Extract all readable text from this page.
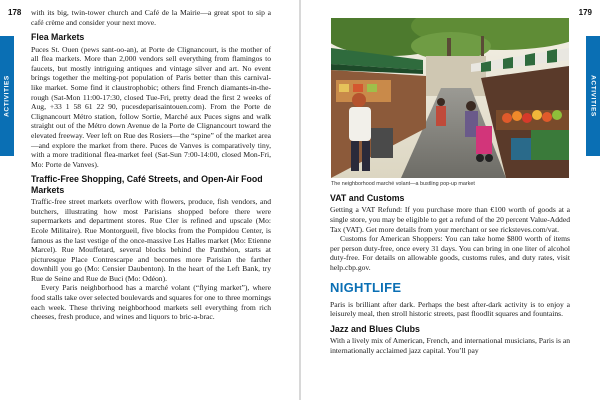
178
ACTIVITIES

with its big, twin-tower church and Café de la Mairie—a great spot to sip a café crème and consider your next move.

Flea Markets

Puces St. Ouen (pews sant-oo-an), at Porte de Clignancourt, is the mother of all flea markets. More than 2,000 vendors sell everything from flamingos to faucets, but mostly intriguing antiques and vintage silver and art. No event brings together the melting-pot population of Paris better than this carnival-like market. Some find it claustrophobic; others find French diamants-in-the-rough (Sat-Mon 11:00-17:30, closed Tue-Fri, pretty dead the first 2 weeks of Aug, +33 1 58 61 22 90, pucesdeparisaintouen.com). From the Porte de Clignancourt Métro station, follow Sortie, Marché aux Puces signs and walk straight out of the Métro down Avenue de la Porte de Clignancourt toward the elevated freeway. Veer left on Rue des Rosiers—the “spine” of the market area—and explore the market from there. Puces de Vanves is comparatively tiny, with a more traditional flea-market feel (Sat-Sun 7:00-14:00, closed Mon-Fri, Mo: Porte de Vanves).

Traffic-Free Shopping, Café Streets, and Open-Air Food Markets

Traffic-free street markets overflow with flowers, produce, fish vendors, and butchers, illustrating how most Parisians shopped before there were supermarkets and department stores. Rue Cler is refined and upscale (Mo: Ecole Militaire). Rue Montorgueil, five blocks from the Pompidou Center, is famous as the last vestige of the once-massive Les Halles market (Mo: Etienne Marcel). Rue Mouffetard, several blocks behind the Panthéon, starts at picturesque Place Contrescarpe and becomes more Parisian the farther downhill you go (Mo: Censier Daubenton). In the heart of the Left Bank, try Rue de Seine and Rue de Buci (Mo: Odéon).

Every Paris neighborhood has a marché volant (“flying market”), where food stalls take over selected boulevards and squares for one to three mornings each week. These thriving neighborhood markets sell everything from rich cheeses, fresh produce, and wines and liquors to bric-a-brac.

179
ACTIVITIES
The neighborhood marché volant—a bustling pop-up market
VAT and Customs

Getting a VAT Refund: If you purchase more than €100 worth of goods at a single store, you may be eligible to get a refund of the 20 percent Value-Added Tax (VAT). Get more details from your merchant or see ricksteves.com/vat.

Customs for American Shoppers: You can take home $800 worth of items per person duty-free, once every 31 days. You can bring in one liter of alcohol duty-free. For details on allowable goods, customs rules, and duty rates, visit help.cbp.gov.

NIGHTLIFE

Paris is brilliant after dark. Perhaps the best after-dark activity is to enjoy a leisurely meal, then stroll historic streets, past floodlit squares and fountains.

Jazz and Blues Clubs

With a lively mix of American, French, and international musicians, Paris is an internationally acclaimed jazz capital. You’ll pay
